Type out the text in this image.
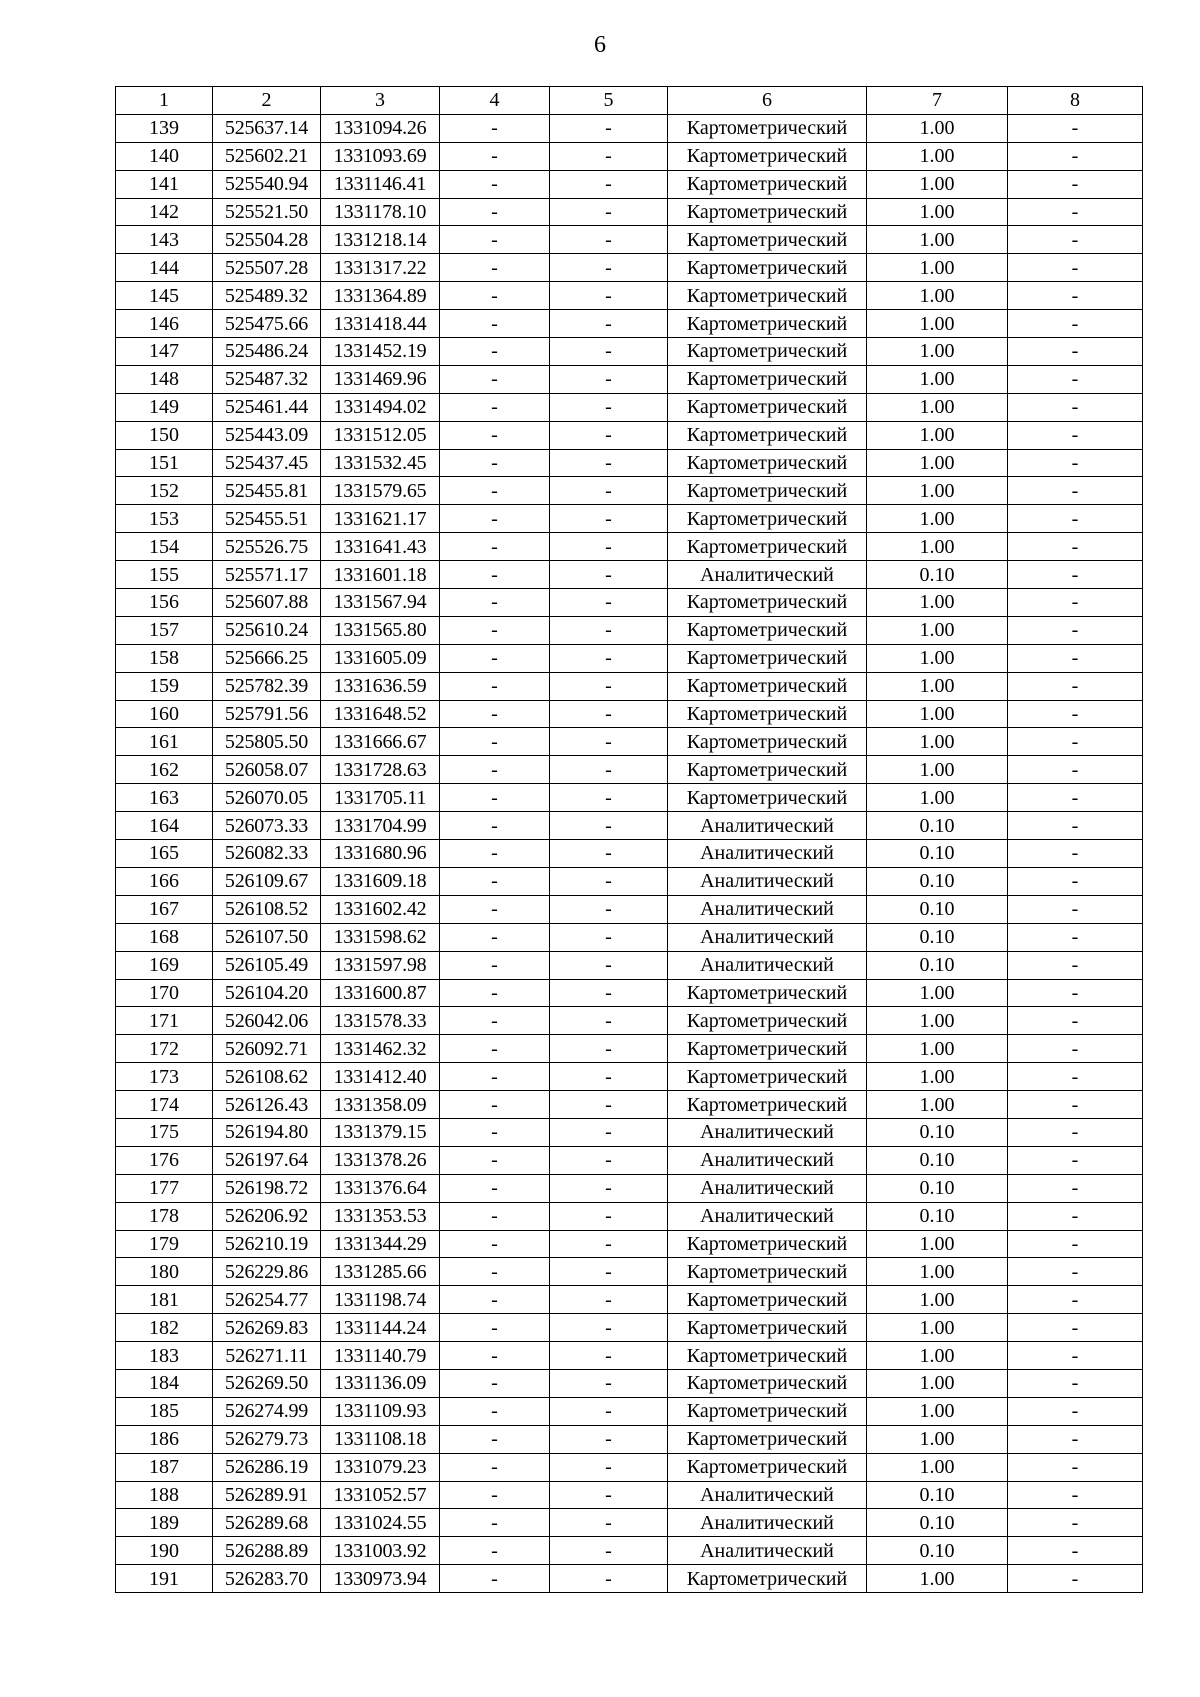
6
1	2	3	4	5	6	7	8
139	525637.14	1331094.26	-	-	Картометрический	1.00	-
140	525602.21	1331093.69	-	-	Картометрический	1.00	-
141	525540.94	1331146.41	-	-	Картометрический	1.00	-
142	525521.50	1331178.10	-	-	Картометрический	1.00	-
143	525504.28	1331218.14	-	-	Картометрический	1.00	-
144	525507.28	1331317.22	-	-	Картометрический	1.00	-
145	525489.32	1331364.89	-	-	Картометрический	1.00	-
146	525475.66	1331418.44	-	-	Картометрический	1.00	-
147	525486.24	1331452.19	-	-	Картометрический	1.00	-
148	525487.32	1331469.96	-	-	Картометрический	1.00	-
149	525461.44	1331494.02	-	-	Картометрический	1.00	-
150	525443.09	1331512.05	-	-	Картометрический	1.00	-
151	525437.45	1331532.45	-	-	Картометрический	1.00	-
152	525455.81	1331579.65	-	-	Картометрический	1.00	-
153	525455.51	1331621.17	-	-	Картометрический	1.00	-
154	525526.75	1331641.43	-	-	Картометрический	1.00	-
155	525571.17	1331601.18	-	-	Аналитический	0.10	-
156	525607.88	1331567.94	-	-	Картометрический	1.00	-
157	525610.24	1331565.80	-	-	Картометрический	1.00	-
158	525666.25	1331605.09	-	-	Картометрический	1.00	-
159	525782.39	1331636.59	-	-	Картометрический	1.00	-
160	525791.56	1331648.52	-	-	Картометрический	1.00	-
161	525805.50	1331666.67	-	-	Картометрический	1.00	-
162	526058.07	1331728.63	-	-	Картометрический	1.00	-
163	526070.05	1331705.11	-	-	Картометрический	1.00	-
164	526073.33	1331704.99	-	-	Аналитический	0.10	-
165	526082.33	1331680.96	-	-	Аналитический	0.10	-
166	526109.67	1331609.18	-	-	Аналитический	0.10	-
167	526108.52	1331602.42	-	-	Аналитический	0.10	-
168	526107.50	1331598.62	-	-	Аналитический	0.10	-
169	526105.49	1331597.98	-	-	Аналитический	0.10	-
170	526104.20	1331600.87	-	-	Картометрический	1.00	-
171	526042.06	1331578.33	-	-	Картометрический	1.00	-
172	526092.71	1331462.32	-	-	Картометрический	1.00	-
173	526108.62	1331412.40	-	-	Картометрический	1.00	-
174	526126.43	1331358.09	-	-	Картометрический	1.00	-
175	526194.80	1331379.15	-	-	Аналитический	0.10	-
176	526197.64	1331378.26	-	-	Аналитический	0.10	-
177	526198.72	1331376.64	-	-	Аналитический	0.10	-
178	526206.92	1331353.53	-	-	Аналитический	0.10	-
179	526210.19	1331344.29	-	-	Картометрический	1.00	-
180	526229.86	1331285.66	-	-	Картометрический	1.00	-
181	526254.77	1331198.74	-	-	Картометрический	1.00	-
182	526269.83	1331144.24	-	-	Картометрический	1.00	-
183	526271.11	1331140.79	-	-	Картометрический	1.00	-
184	526269.50	1331136.09	-	-	Картометрический	1.00	-
185	526274.99	1331109.93	-	-	Картометрический	1.00	-
186	526279.73	1331108.18	-	-	Картометрический	1.00	-
187	526286.19	1331079.23	-	-	Картометрический	1.00	-
188	526289.91	1331052.57	-	-	Аналитический	0.10	-
189	526289.68	1331024.55	-	-	Аналитический	0.10	-
190	526288.89	1331003.92	-	-	Аналитический	0.10	-
191	526283.70	1330973.94	-	-	Картометрический	1.00	-
